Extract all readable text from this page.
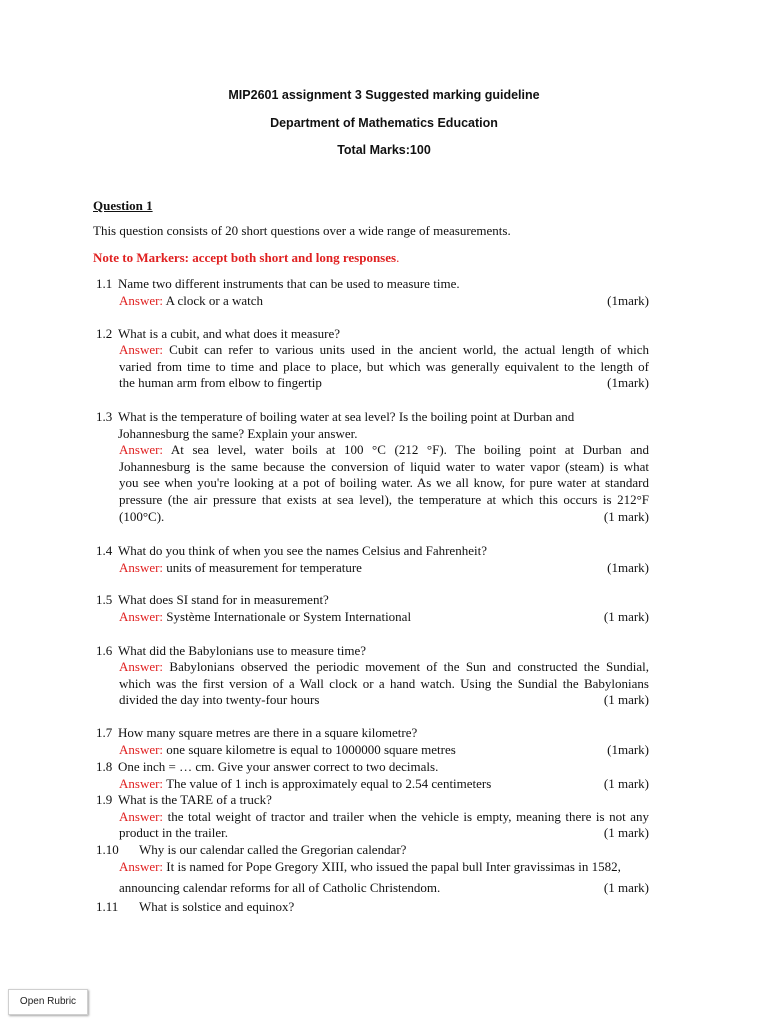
MIP2601 assignment 3 Suggested marking guideline
Department of Mathematics Education
Total Marks:100
Question 1
This question consists of 20 short questions over a wide range of measurements.
Note to Markers: accept both short and long responses.
1.1 Name two different instruments that can be used to measure time.
Answer: A clock or a watch	(1mark)
1.2 What is a cubit, and what does it measure?
Answer: Cubit can refer to various units used in the ancient world, the actual length of which
varied from time to time and place to place, but which was generally equivalent to the length of
the human arm from elbow to fingertip	(1mark)
1.3 What is the temperature of boiling water at sea level? Is the boiling point at Durban and
Johannesburg the same? Explain your answer.
Answer: At sea level, water boils at 100 °C (212 °F). The boiling point at Durban and
Johannesburg is the same because the conversion of liquid water to water vapor (steam) is what
you see when you're looking at a pot of boiling water. As we all know, for pure water at standard
pressure (the air pressure that exists at sea level), the temperature at which this occurs is 212°F
(100°C).	(1 mark)
1.4 What do you think of when you see the names Celsius and Fahrenheit?
Answer: units of measurement for temperature	(1mark)
1.5 What does SI stand for in measurement?
Answer: Système Internationale or System International	(1 mark)
1.6 What did the Babylonians use to measure time?
Answer: Babylonians observed the periodic movement of the Sun and constructed the Sundial,
which was the first version of a Wall clock or a hand watch. Using the Sundial the Babylonians
divided the day into twenty-four hours	(1 mark)
1.7 How many square metres are there in a square kilometre?
Answer: one square kilometre is equal to 1000000 square metres	(1mark)
1.8 One inch = … cm. Give your answer correct to two decimals.
Answer: The value of 1 inch is approximately equal to 2.54 centimeters	(1 mark)
1.9 What is the TARE of a truck?
Answer: the total weight of tractor and trailer when the vehicle is empty, meaning there is not any
product in the trailer.	(1 mark)
1.10 Why is our calendar called the Gregorian calendar?
Answer: It is named for Pope Gregory XIII, who issued the papal bull Inter gravissimas in 1582,
announcing calendar reforms for all of Catholic Christendom.	(1 mark)
1.11 What is solstice and equinox?
Open Rubric
